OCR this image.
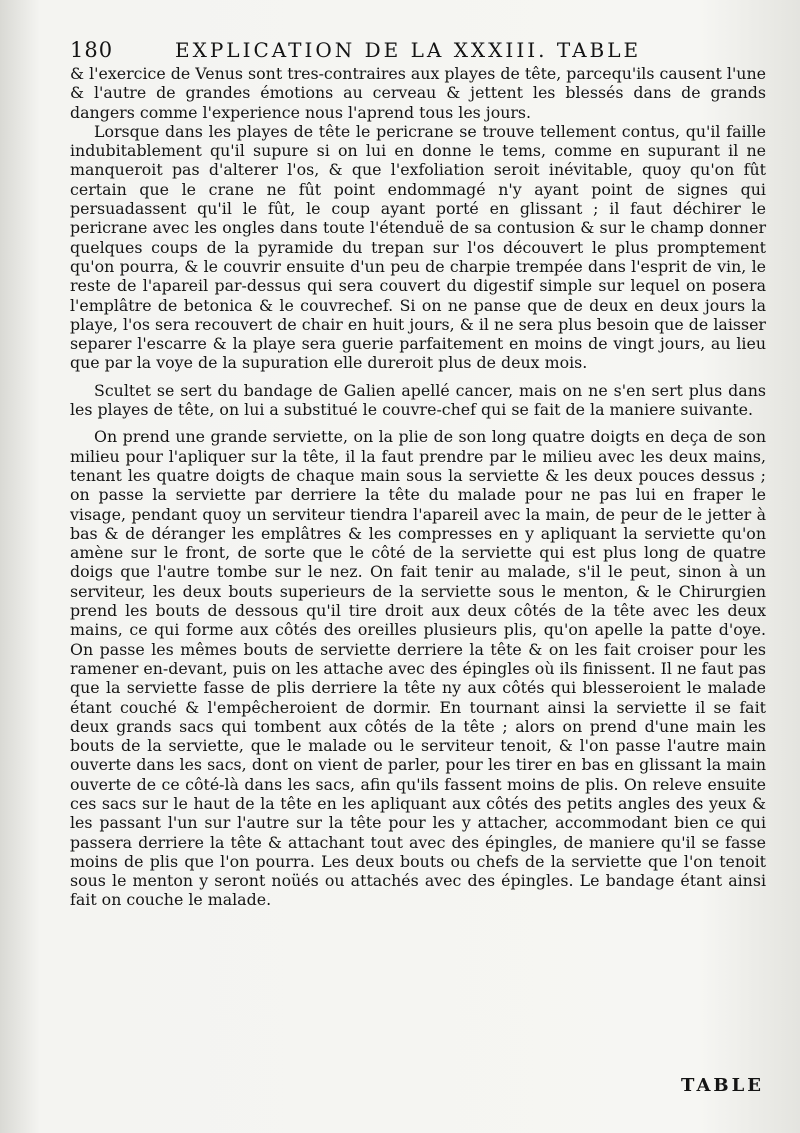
180	EXPLICATION DE LA XXXIII. TABLE

& l'exercice de Venus sont tres-contraires aux playes de tête, parcequ'ils causent l'une & l'autre de grandes émotions au cerveau & jettent les blessés dans de grands dangers comme l'experience nous l'aprend tous les jours.

Lorsque dans les playes de tête le pericrane se trouve tellement contus, qu'il faille indubitablement qu'il supure si on lui en donne le tems, comme en supurant il ne manqueroit pas d'alterer l'os, & que l'exfoliation seroit inévitable, quoy qu'on fût certain que le crane ne fût point endommagé n'y ayant point de signes qui persuadassent qu'il le fût, le coup ayant porté en glissant ; il faut déchirer le pericrane avec les ongles dans toute l'étenduë de sa contusion & sur le champ donner quelques coups de la pyramide du trepan sur l'os découvert le plus promptement qu'on pourra, & le couvrir ensuite d'un peu de charpie trempée dans l'esprit de vin, le reste de l'apareil par-dessus qui sera couvert du digestif simple sur lequel on posera l'emplâtre de betonica & le couvrechef. Si on ne panse que de deux en deux jours la playe, l'os sera recouvert de chair en huit jours, & il ne sera plus besoin que de laisser separer l'escarre & la playe sera guerie parfaitement en moins de vingt jours, au lieu que par la voye de la supuration elle dureroit plus de deux mois.

Scultet se sert du bandage de Galien apellé cancer, mais on ne s'en sert plus dans les playes de tête, on lui a substitué le couvre-chef qui se fait de la maniere suivante.

On prend une grande serviette, on la plie de son long quatre doigts en deça de son milieu pour l'apliquer sur la tête, il la faut prendre par le milieu avec les deux mains, tenant les quatre doigts de chaque main sous la serviette & les deux pouces dessus ; on passe la serviette par derriere la tête du malade pour ne pas lui en fraper le visage, pendant quoy un serviteur tiendra l'apareil avec la main, de peur de le jetter à bas & de déranger les emplâtres & les compresses en y apliquant la serviette qu'on amène sur le front, de sorte que le côté de la serviette qui est plus long de quatre doigs que l'autre tombe sur le nez. On fait tenir au malade, s'il le peut, sinon à un serviteur, les deux bouts superieurs de la serviette sous le menton, & le Chirurgien prend les bouts de dessous qu'il tire droit aux deux côtés de la tête avec les deux mains, ce qui forme aux côtés des oreilles plusieurs plis, qu'on apelle la patte d'oye. On passe les mêmes bouts de serviette derriere la tête & on les fait croiser pour les ramener en-devant, puis on les attache avec des épingles où ils finissent. Il ne faut pas que la serviette fasse de plis derriere la tête ny aux côtés qui blesseroient le malade étant couché & l'empêcheroient de dormir. En tournant ainsi la serviette il se fait deux grands sacs qui tombent aux côtés de la tête ; alors on prend d'une main les bouts de la serviette, que le malade ou le serviteur tenoit, & l'on passe l'autre main ouverte dans les sacs, dont on vient de parler, pour les tirer en bas en glissant la main ouverte de ce côté-là dans les sacs, afin qu'ils fassent moins de plis. On releve ensuite ces sacs sur le haut de la tête en les apliquant aux côtés des petits angles des yeux & les passant l'un sur l'autre sur la tête pour les y attacher, accommodant bien ce qui passera derriere la tête & attachant tout avec des épingles, de maniere qu'il se fasse moins de plis que l'on pourra. Les deux bouts ou chefs de la serviette que l'on tenoit sous le menton y seront noüés ou attachés avec des épingles. Le bandage étant ainsi fait on couche le malade.

TABLE
